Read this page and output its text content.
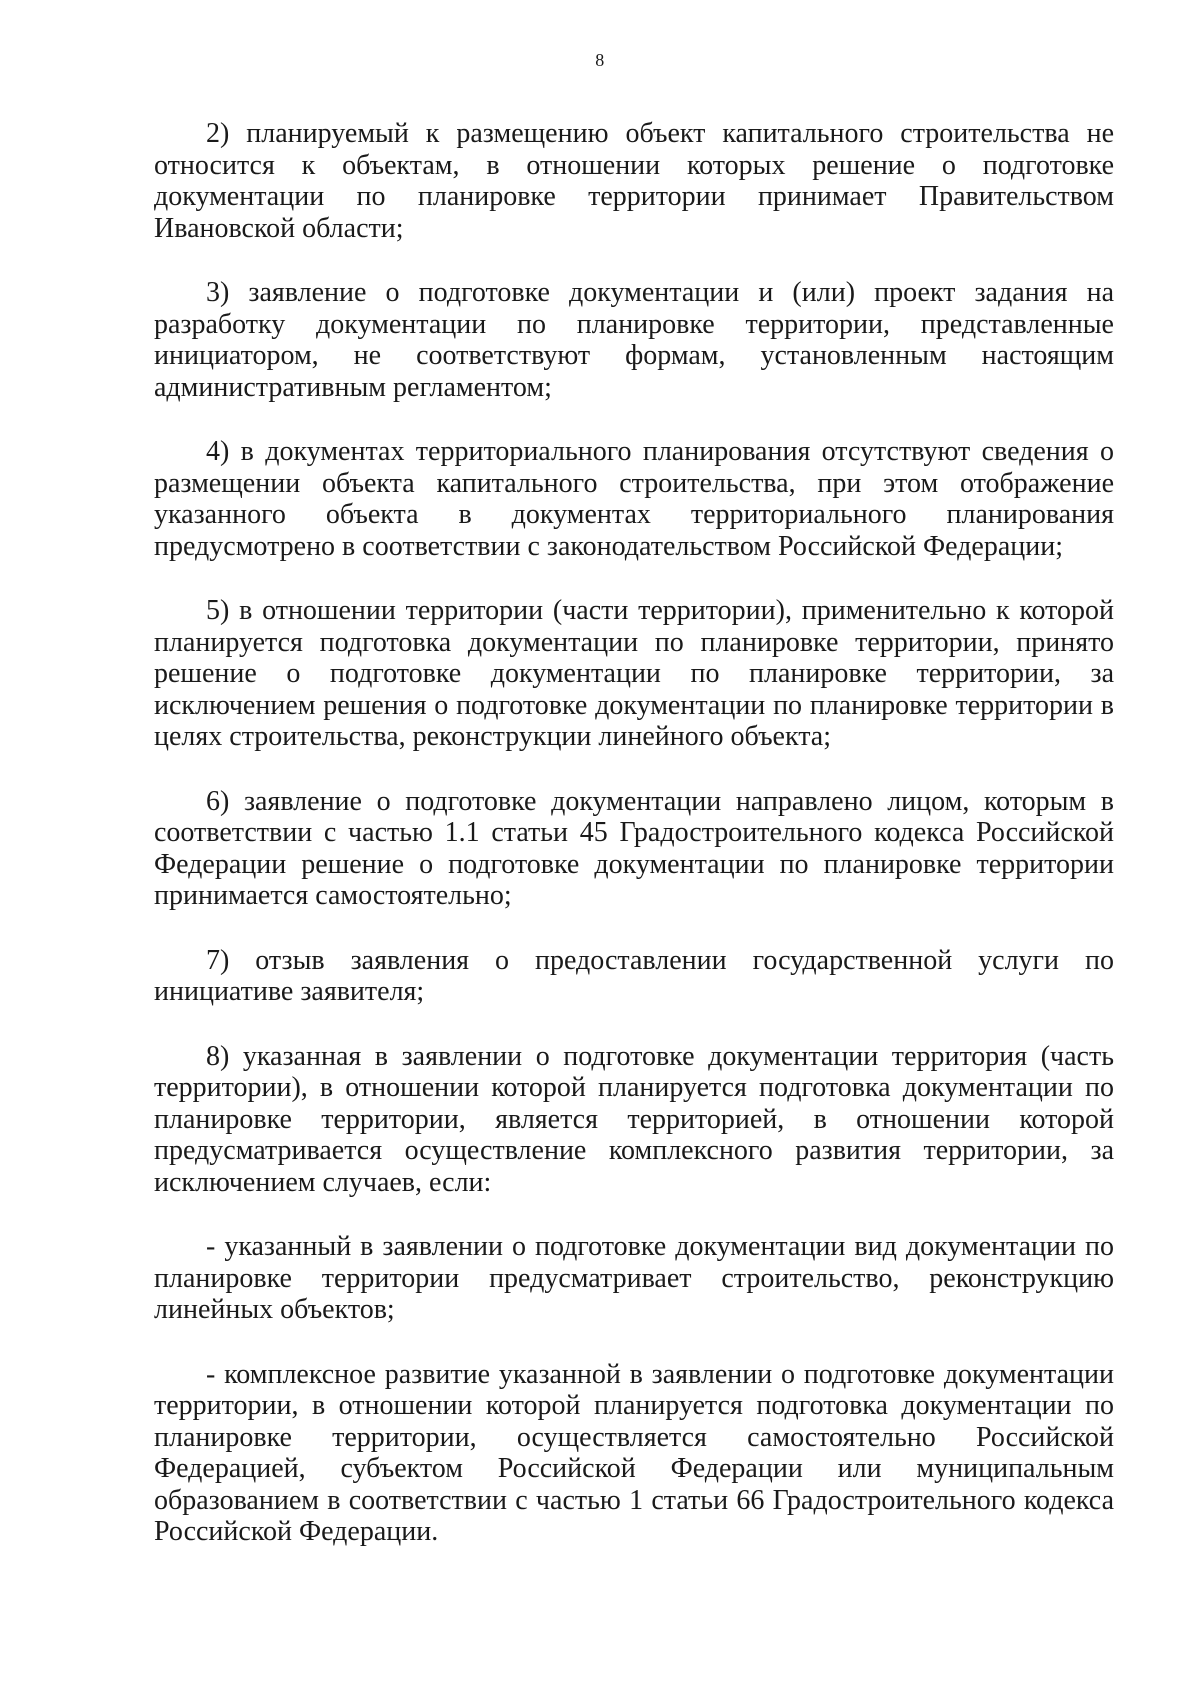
8

2) планируемый к размещению объект капитального строительства не относится к объектам, в отношении которых решение о подготовке документации по планировке территории принимает Правительством Ивановской области;

3) заявление о подготовке документации и (или) проект задания на разработку документации по планировке территории, представленные инициатором, не соответствуют формам, установленным настоящим административным регламентом;

4) в документах территориального планирования отсутствуют сведения о размещении объекта капитального строительства, при этом отображение указанного объекта в документах территориального планирования предусмотрено в соответствии с законодательством Российской Федерации;

5) в отношении территории (части территории), применительно к которой планируется подготовка документации по планировке территории, принято решение о подготовке документации по планировке территории, за исключением решения о подготовке документации по планировке территории в целях строительства, реконструкции линейного объекта;

6) заявление о подготовке документации направлено лицом, которым в соответствии с частью 1.1 статьи 45 Градостроительного кодекса Российской Федерации решение о подготовке документации по планировке территории принимается самостоятельно;

7) отзыв заявления о предоставлении государственной услуги по инициативе заявителя;

8) указанная в заявлении о подготовке документации территория (часть территории), в отношении которой планируется подготовка документации по планировке территории, является территорией, в отношении которой предусматривается осуществление комплексного развития территории, за исключением случаев, если:

- указанный в заявлении о подготовке документации вид документации по планировке территории предусматривает строительство, реконструкцию линейных объектов;

- комплексное развитие указанной в заявлении о подготовке документации территории, в отношении которой планируется подготовка документации по планировке территории, осуществляется самостоятельно Российской Федерацией, субъектом Российской Федерации или муниципальным образованием в соответствии с частью 1 статьи 66 Градостроительного кодекса Российской Федерации.
